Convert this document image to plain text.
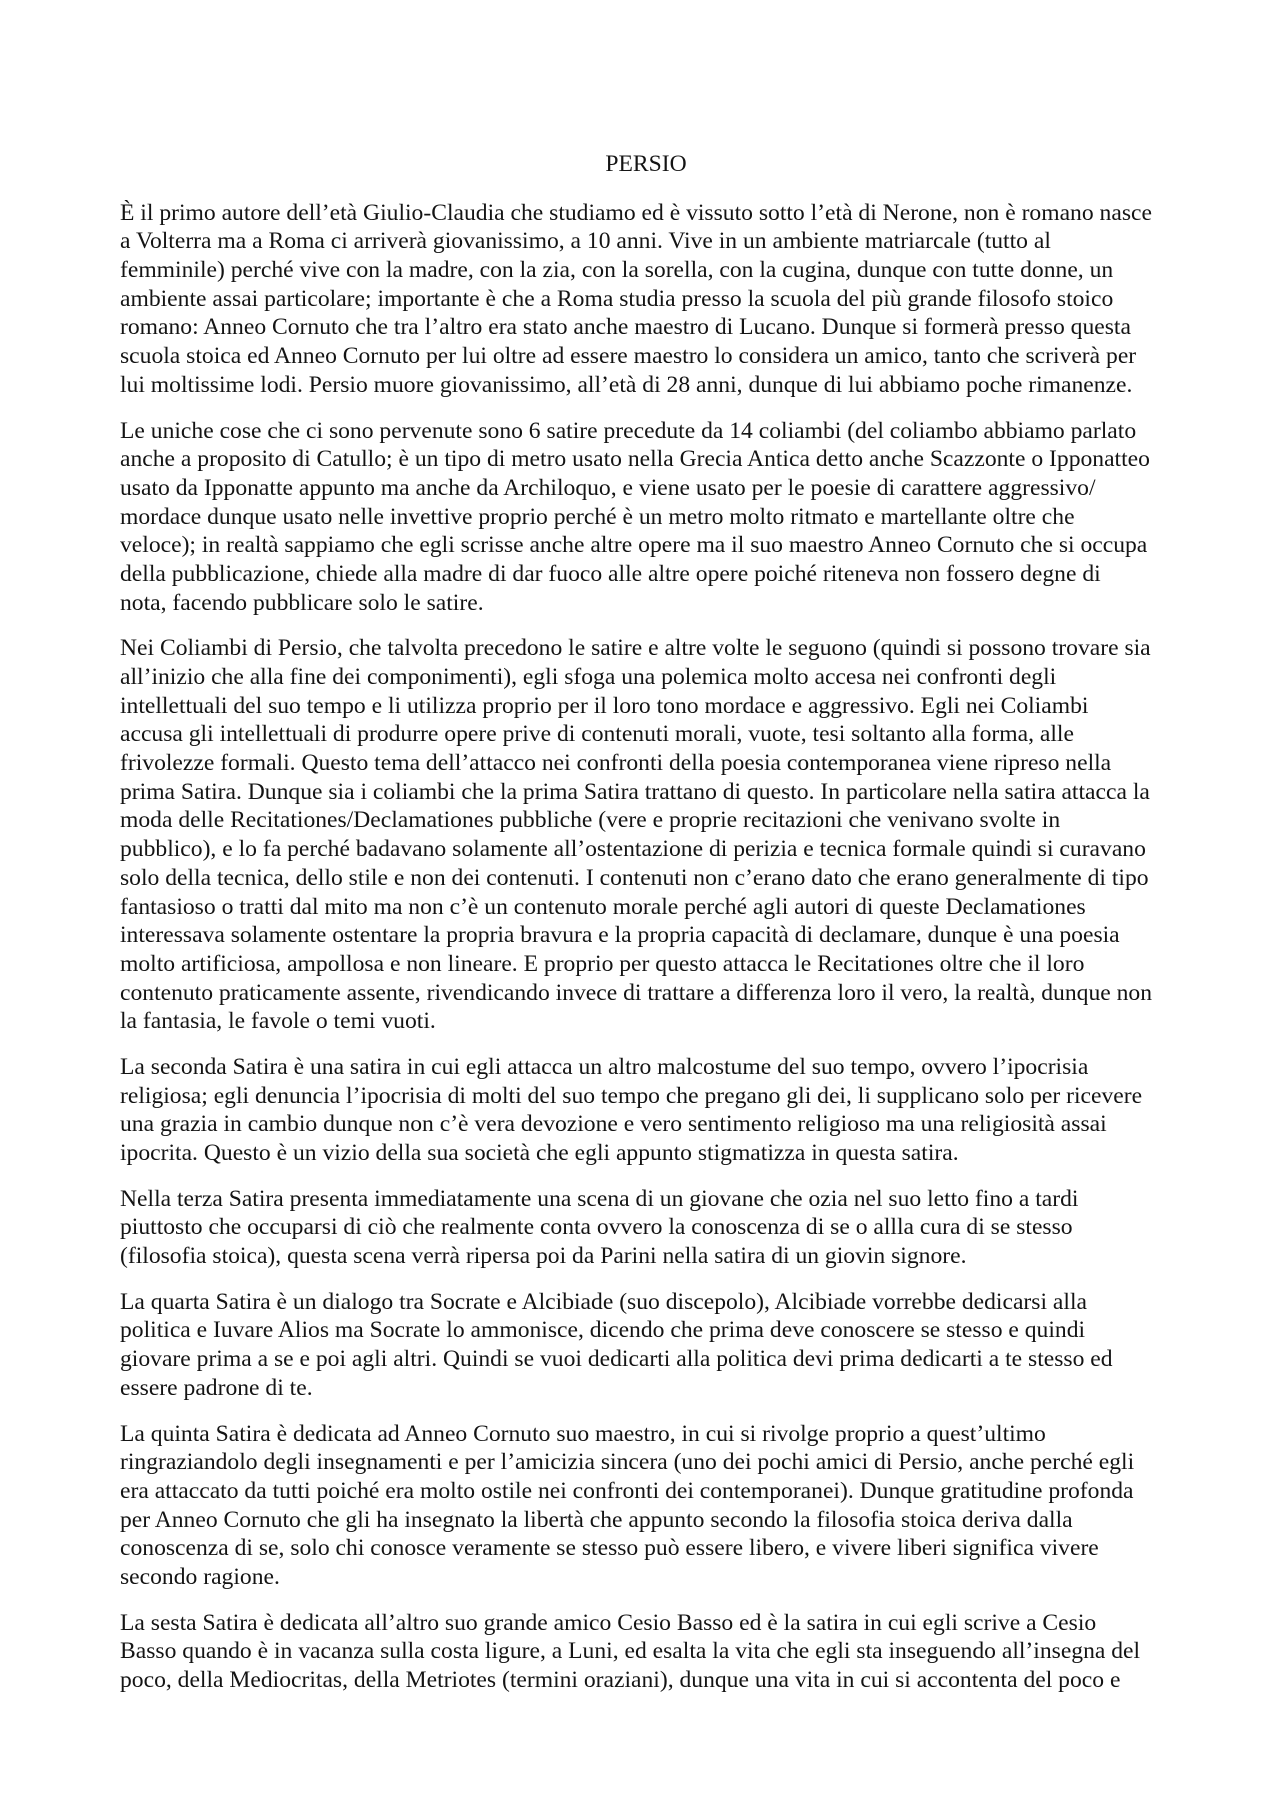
PERSIO

È il primo autore dell’età Giulio-Claudia che studiamo ed è vissuto sotto l’età di Nerone, non è romano nasce
a Volterra ma a Roma ci arriverà giovanissimo, a 10 anni. Vive in un ambiente matriarcale (tutto al
femminile) perché vive con la madre, con la zia, con la sorella, con la cugina, dunque con tutte donne, un
ambiente assai particolare; importante è che a Roma studia presso la scuola del più grande filosofo stoico
romano: Anneo Cornuto che tra l’altro era stato anche maestro di Lucano. Dunque si formerà presso questa
scuola stoica ed Anneo Cornuto per lui oltre ad essere maestro lo considera un amico, tanto che scriverà per
lui moltissime lodi. Persio muore giovanissimo, all’età di 28 anni, dunque di lui abbiamo poche rimanenze.

Le uniche cose che ci sono pervenute sono 6 satire precedute da 14 coliambi (del coliambo abbiamo parlato
anche a proposito di Catullo; è un tipo di metro usato nella Grecia Antica detto anche Scazzonte o Ipponatteo
usato da Ipponatte appunto ma anche da Archiloquo, e viene usato per le poesie di carattere aggressivo/
mordace dunque usato nelle invettive proprio perché è un metro molto ritmato e martellante oltre che
veloce); in realtà sappiamo che egli scrisse anche altre opere ma il suo maestro Anneo Cornuto che si occupa
della pubblicazione, chiede alla madre di dar fuoco alle altre opere poiché riteneva non fossero degne di
nota, facendo pubblicare solo le satire.

Nei Coliambi di Persio, che talvolta precedono le satire e altre volte le seguono (quindi si possono trovare sia
all’inizio che alla fine dei componimenti), egli sfoga una polemica molto accesa nei confronti degli
intellettuali del suo tempo e li utilizza proprio per il loro tono mordace e aggressivo. Egli nei Coliambi
accusa gli intellettuali di produrre opere prive di contenuti morali, vuote, tesi soltanto alla forma, alle
frivolezze formali. Questo tema dell’attacco nei confronti della poesia contemporanea viene ripreso nella
prima Satira. Dunque sia i coliambi che la prima Satira trattano di questo. In particolare nella satira attacca la
moda delle Recitationes/Declamationes pubbliche (vere e proprie recitazioni che venivano svolte in
pubblico), e lo fa perché badavano solamente all’ostentazione di perizia e tecnica formale quindi si curavano
solo della tecnica, dello stile e non dei contenuti. I contenuti non c’erano dato che erano generalmente di tipo
fantasioso o tratti dal mito ma non c’è un contenuto morale perché agli autori di queste Declamationes
interessava solamente ostentare la propria bravura e la propria capacità di declamare, dunque è una poesia
molto artificiosa, ampollosa e non lineare. E proprio per questo attacca le Recitationes oltre che il loro
contenuto praticamente assente, rivendicando invece di trattare a differenza loro il vero, la realtà, dunque non
la fantasia, le favole o temi vuoti.

La seconda Satira è una satira in cui egli attacca un altro malcostume del suo tempo, ovvero l’ipocrisia
religiosa; egli denuncia l’ipocrisia di molti del suo tempo che pregano gli dei, li supplicano solo per ricevere
una grazia in cambio dunque non c’è vera devozione e vero sentimento religioso ma una religiosità assai
ipocrita. Questo è un vizio della sua società che egli appunto stigmatizza in questa satira.

Nella terza Satira presenta immediatamente una scena di un giovane che ozia nel suo letto fino a tardi
piuttosto che occuparsi di ciò che realmente conta ovvero la conoscenza di se o allla cura di se stesso
(filosofia stoica), questa scena verrà ripersa poi da Parini nella satira di un giovin signore.

La quarta Satira è un dialogo tra Socrate e Alcibiade (suo discepolo), Alcibiade vorrebbe dedicarsi alla
politica e Iuvare Alios ma Socrate lo ammonisce, dicendo che prima deve conoscere se stesso e quindi
giovare prima a se e poi agli altri. Quindi se vuoi dedicarti alla politica devi prima dedicarti a te stesso ed
essere padrone di te.

La quinta Satira è dedicata ad Anneo Cornuto suo maestro, in cui si rivolge proprio a quest’ultimo
ringraziandolo degli insegnamenti e per l’amicizia sincera (uno dei pochi amici di Persio, anche perché egli
era attaccato da tutti poiché era molto ostile nei confronti dei contemporanei). Dunque gratitudine profonda
per Anneo Cornuto che gli ha insegnato la libertà che appunto secondo la filosofia stoica deriva dalla
conoscenza di se, solo chi conosce veramente se stesso può essere libero, e vivere liberi significa vivere
secondo ragione.

La sesta Satira è dedicata all’altro suo grande amico Cesio Basso ed è la satira in cui egli scrive a Cesio
Basso quando è in vacanza sulla costa ligure, a Luni, ed esalta la vita che egli sta inseguendo all’insegna del
poco, della Mediocritas, della Metriotes (termini oraziani), dunque una vita in cui si accontenta del poco e
